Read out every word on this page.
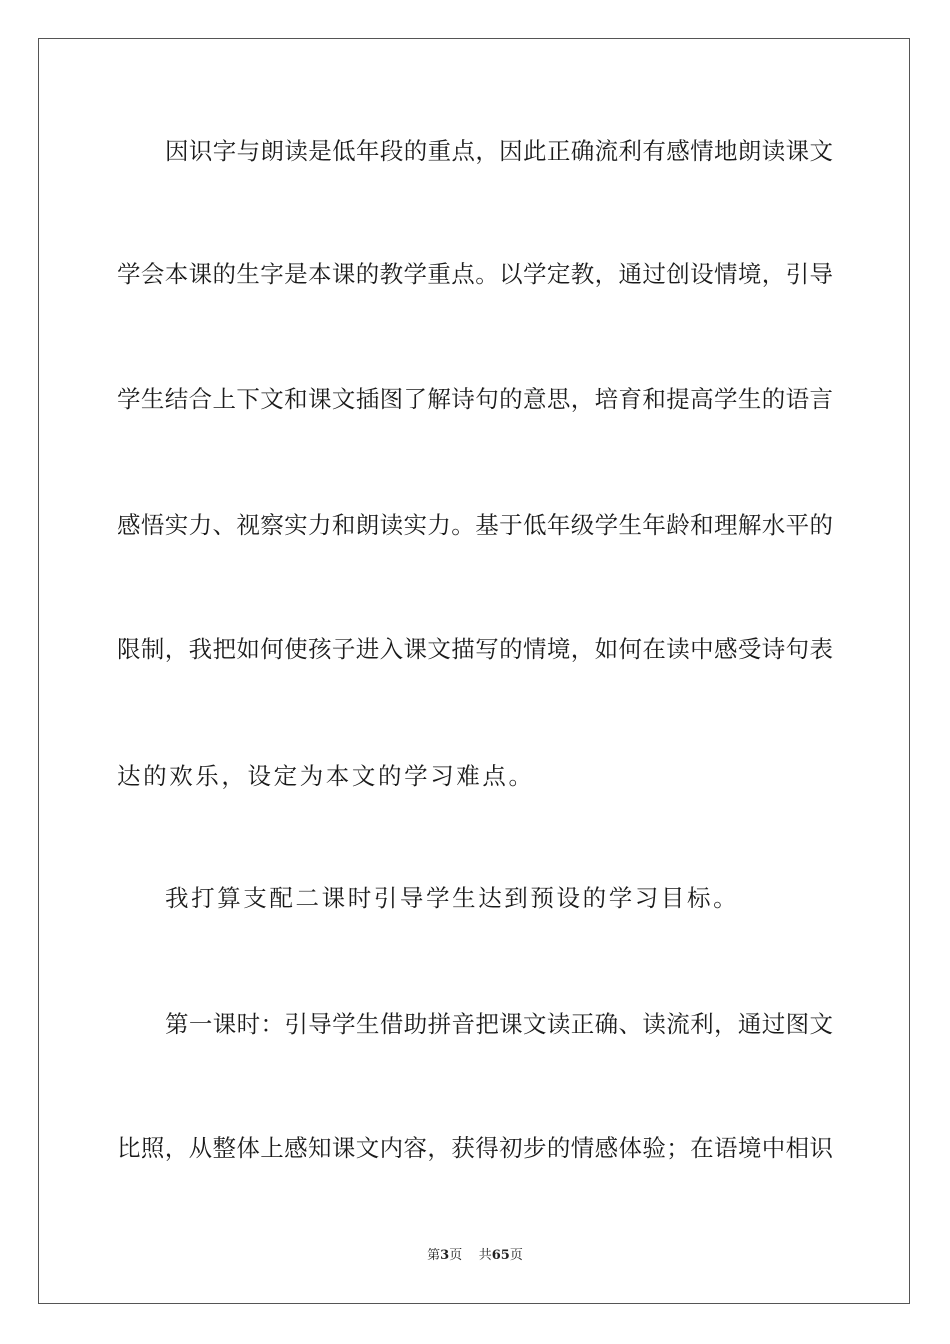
因识字与朗读是低年段的重点，因此正确流利有感情地朗读课文
学会本课的生字是本课的教学重点。以学定教，通过创设情境，引导
学生结合上下文和课文插图了解诗句的意思，培育和提高学生的语言
感悟实力、视察实力和朗读实力。基于低年级学生年龄和理解水平的
限制，我把如何使孩子进入课文描写的情境，如何在读中感受诗句表
达的欢乐，设定为本文的学习难点。
我打算支配二课时引导学生达到预设的学习目标。
第一课时：引导学生借助拼音把课文读正确、读流利，通过图文
比照，从整体上感知课文内容，获得初步的情感体验；在语境中相识
第3页 共65页
